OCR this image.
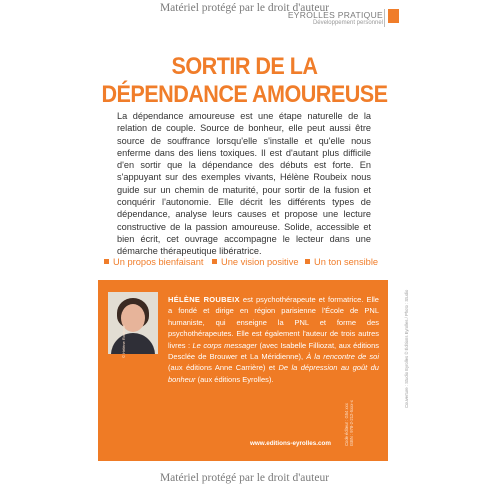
Matériel protégé par le droit d'auteur
EYROLLES PRATIQUE
Développement personnel
SORTIR DE LA
DÉPENDANCE AMOUREUSE

La dépendance amoureuse est une étape naturelle de la relation de couple. Source de bonheur, elle peut aussi être source de souffrance lorsqu'elle s'installe et qu'elle nous enferme dans des liens toxiques. Il est d'autant plus difficile d'en sortir que la dépendance des débuts est forte. En s'appuyant sur des exemples vivants, Hélène Roubeix nous guide sur un chemin de maturité, pour sortir de la fusion et conquérir l'autonomie. Elle décrit les différents types de dépendance, analyse leurs causes et propose une lecture constructive de la passion amoureuse. Solide, accessible et bien écrit, cet ouvrage accompagne le lecteur dans une démarche thérapeutique libératrice.

Un propos bienfaisant	Une vision positive	Un ton sensible
© Hélène Roubeix

HÉLÈNE ROUBEIX est psychothérapeute et formatrice. Elle a fondé et dirige en région parisienne l'École de PNL humaniste, qui enseigne la PNL et forme des psychothérapeutes. Elle est également l'auteur de trois autres livres : Le corps messager (avec Isabelle Filliozat, aux éditions Desclée de Brouwer et La Méridienne), À la rencontre de soi (aux éditions Anne Carrière) et De la dépression au goût du bonheur (aux éditions Eyrolles).

www.editions-eyrolles.com	Code éditeur : G54 xxx ISBN : 978-2-212-5xxx-x
Couverture : Studio Eyrolles © Éditions Eyrolles / Photo : Studio
Matériel protégé par le droit d'auteur
